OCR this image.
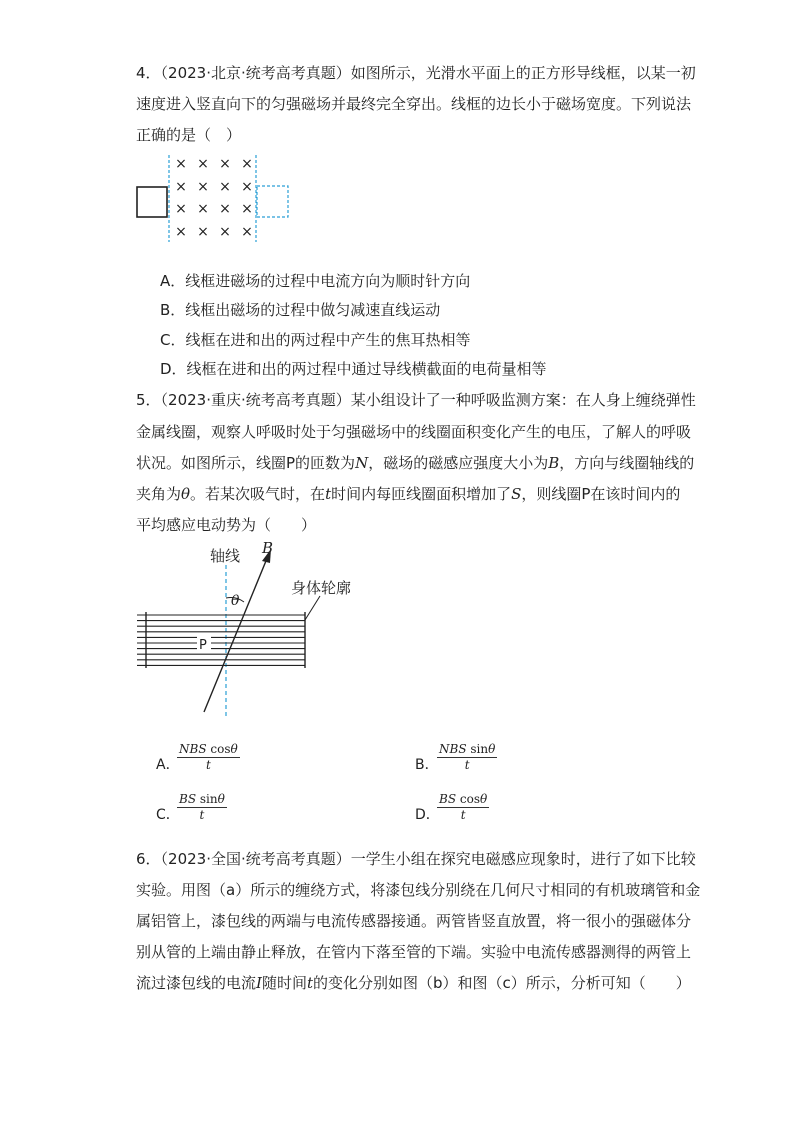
4．（2023·北京·统考高考真题）如图所示，光滑水平面上的正方形导线框，以某一初
速度进入竖直向下的匀强磁场并最终完全穿出。线框的边长小于磁场宽度。下列说法
正确的是（　）
× × × ×
× × × ×
× × × ×
× × × ×
A．线框进磁场的过程中电流方向为顺时针方向
B．线框出磁场的过程中做匀减速直线运动
C．线框在进和出的两过程中产生的焦耳热相等
D．线框在进和出的两过程中通过导线横截面的电荷量相等
5．（2023·重庆·统考高考真题）某小组设计了一种呼吸监测方案：在人身上缠绕弹性
金属线圈，观察人呼吸时处于匀强磁场中的线圈面积变化产生的电压，了解人的呼吸
状况。如图所示，线圈P的匝数为N，磁场的磁感应强度大小为B，方向与线圈轴线的
夹角为θ。若某次吸气时，在t时间内每匝线圈面积增加了S，则线圈P在该时间内的
平均感应电动势为（　　）
轴线 B
θ
身体轮廓
P
A．
NBS cosθ
t	B．
NBS sinθ
t
C．
$\frac{\text{BS sinθ}}{t}$	D．
$\frac{\text{BS cosθ}}{t}$
6．（2023·全国·统考高考真题）一学生小组在探究电磁感应现象时，进行了如下比较
实验。用图（a）所示的缠绕方式，将漆包线分别绕在几何尺寸相同的有机玻璃管和金
属铝管上，漆包线的两端与电流传感器接通。两管皆竖直放置，将一很小的强磁体分
别从管的上端由静止释放，在管内下落至管的下端。实验中电流传感器测得的两管上
流过漆包线的电流I随时间t的变化分别如图（b）和图（c）所示，分析可知（　　）
